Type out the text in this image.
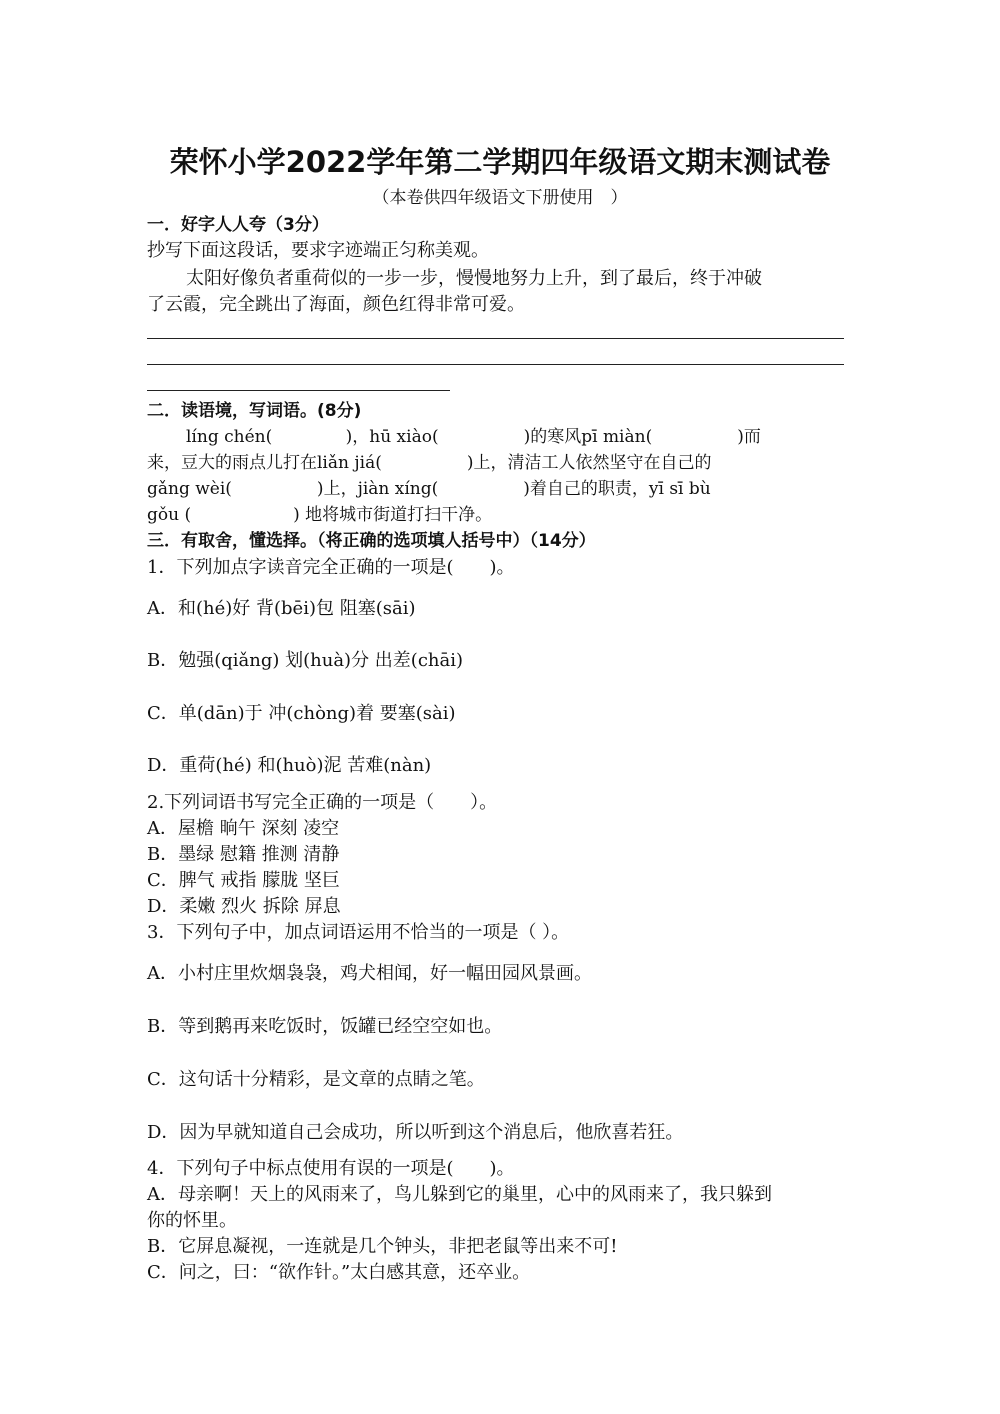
荣怀小学2022学年第二学期四年级语文期末测试卷
（本卷供四年级语文下册使用　）
一．好字人人夸（3分）
抄写下面这段话，要求字迹端正匀称美观。
太阳好像负者重荷似的一步一步，慢慢地努力上升，到了最后，终于冲破
了云霞，完全跳出了海面，颜色红得非常可爱。
二．读语境，写词语。(8分)
líng chén(　　　　 )，hū xiào(　　　　　)的寒风pī miàn(　　　　　)而
来，豆大的雨点儿打在liǎn jiá(　　　　　)上，清洁工人依然坚守在自己的
gǎng wèi(　　　　　)上，jiàn xíng(　　　　　)着自己的职责，yī sī bù
gǒu (　　　　　　) 地将城市街道打扫干净。
三．有取舍，懂选择。（将正确的选项填人括号中）（14分）
1．下列加点字读音完全正确的一项是(　　)。
A．和(hé)好 背(bēi)包 阻塞(sāi)
B．勉强(qiǎng) 划(huà)分 出差(chāi)
C．单(dān)于 冲(chòng)着 要塞(sài)
D．重荷(hé) 和(huò)泥 苦难(nàn)
2.下列词语书写完全正确的一项是（　　）。
A．屋檐 晌午 深刻 凌空
B．墨绿 慰籍 推测 清静
C．脾气 戒指 朦胧 坚巨
D．柔嫩 烈火 拆除 屏息
3．下列句子中，加点词语运用不恰当的一项是（ ）。
A．小村庄里炊烟袅袅，鸡犬相闻，好一幅田园风景画。
B．等到鹅再来吃饭时，饭罐已经空空如也。
C．这句话十分精彩，是文章的点睛之笔。
D．因为早就知道自己会成功，所以听到这个消息后，他欣喜若狂。
4．下列句子中标点使用有误的一项是(　　)。
A．母亲啊！天上的风雨来了，鸟儿躲到它的巢里，心中的风雨来了，我只躲到
你的怀里。
B．它屏息凝视，一连就是几个钟头，非把老鼠等出来不可!
C．问之，曰：“欲作针。”太白感其意，还卒业。
